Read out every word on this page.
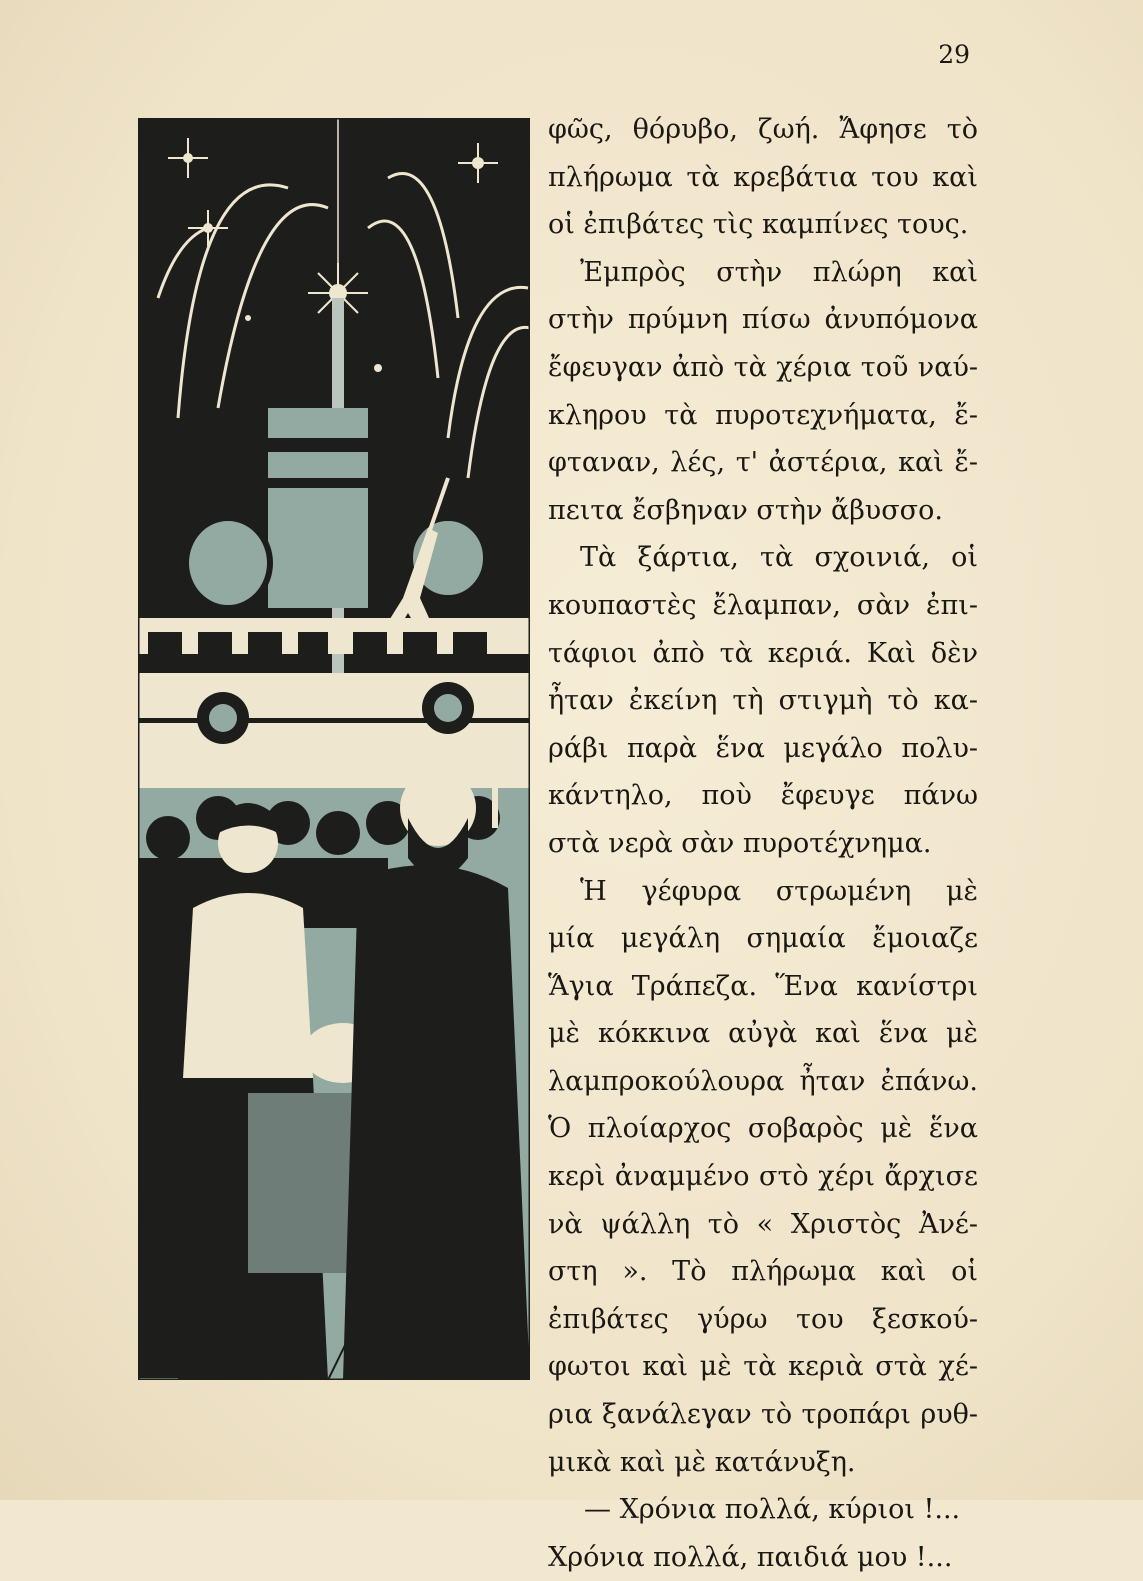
29
φῶς, θόρυβο, ζωή. Ἄφησε τὸ
πλήρωμα τὰ κρεβάτια του καὶ
οἱ ἐπιβάτες τὶς καμπίνες τους.
Ἐμπρὸς στὴν πλώρη καὶ
στὴν πρύμνη πίσω ἀνυπόμονα
ἔφευγαν ἀπὸ τὰ χέρια τοῦ ναύ-
κληρου τὰ πυροτεχνήματα, ἔ-
φταναν, λές, τ' ἀστέρια, καὶ ἔ-
πειτα ἔσβηναν στὴν ἄβυσσο.
Τὰ ξάρτια, τὰ σχοινιά, οἱ
κουπαστὲς ἔλαμπαν, σὰν ἐπι-
τάφιοι ἀπὸ τὰ κεριά. Καὶ δὲν
ἦταν ἐκείνη τὴ στιγμὴ τὸ κα-
ράβι παρὰ ἕνα μεγάλο πολυ-
κάντηλο, ποὺ ἔφευγε πάνω
στὰ νερὰ σὰν πυροτέχνημα.
Ἡ γέφυρα στρωμένη μὲ
μία μεγάλη σημαία ἔμοιαζε
Ἅγια Τράπεζα. Ἕνα κανίστρι
μὲ κόκκινα αὐγὰ καὶ ἕνα μὲ
λαμπροκούλουρα ἦταν ἐπάνω.
Ὁ πλοίαρχος σοβαρὸς μὲ ἕνα
κερὶ ἀναμμένο στὸ χέρι ἄρχισε
νὰ ψάλλη τὸ « Χριστὸς Ἀνέ-
στη ». Τὸ πλήρωμα καὶ οἱ
ἐπιβάτες γύρω του ξεσκού-
φωτοι καὶ μὲ τὰ κεριὰ στὰ χέ-
ρια ξανάλεγαν τὸ τροπάρι ρυθ-
μικὰ καὶ μὲ κατάνυξη.
— Χρόνια πολλά, κύριοι !...
Χρόνια πολλά, παιδιά μου !...
